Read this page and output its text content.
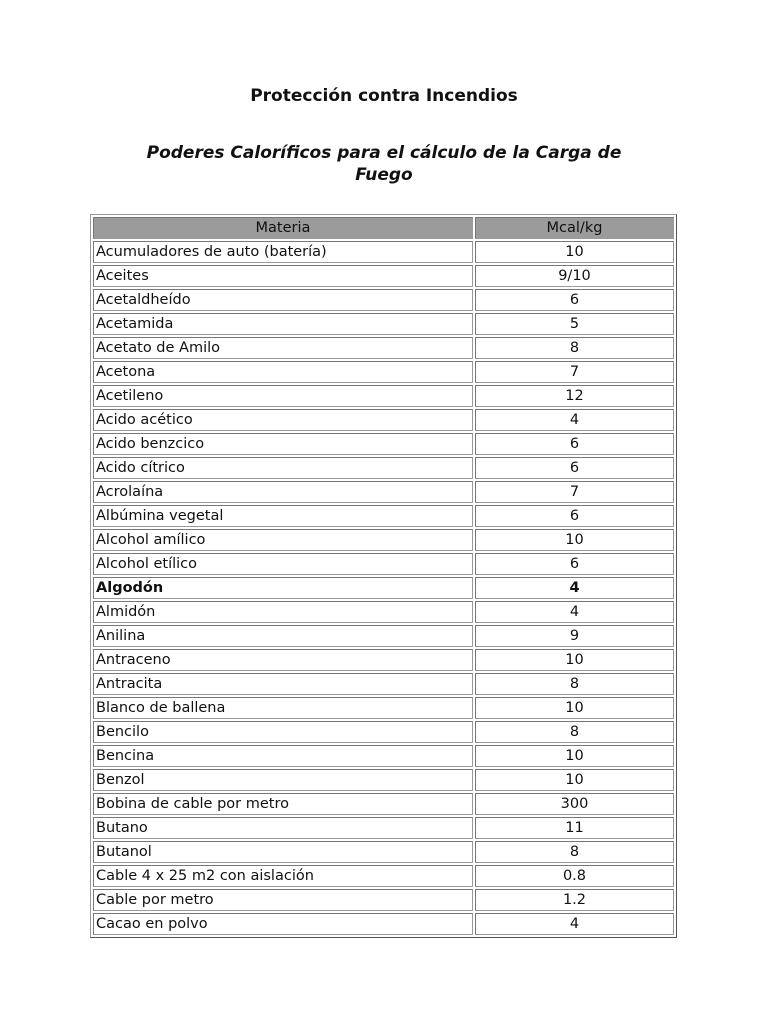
Protección contra Incendios
Poderes Caloríficos para el cálculo de la Carga de Fuego
Materia	Mcal/kg
Acumuladores de auto (batería)	10
Aceites	9/10
Acetaldheído	6
Acetamida	5
Acetato de Amilo	8
Acetona	7
Acetileno	12
Acido acético	4
Acido benzcico	6
Acido cítrico	6
Acrolaína	7
Albúmina vegetal	6
Alcohol amílico	10
Alcohol etílico	6
Algodón	4
Almidón	4
Anilina	9
Antraceno	10
Antracita	8
Blanco de ballena	10
Bencilo	8
Bencina	10
Benzol	10
Bobina de cable por metro	300
Butano	11
Butanol	8
Cable 4 x 25 m2 con aislación	0.8
Cable por metro	1.2
Cacao en polvo	4
